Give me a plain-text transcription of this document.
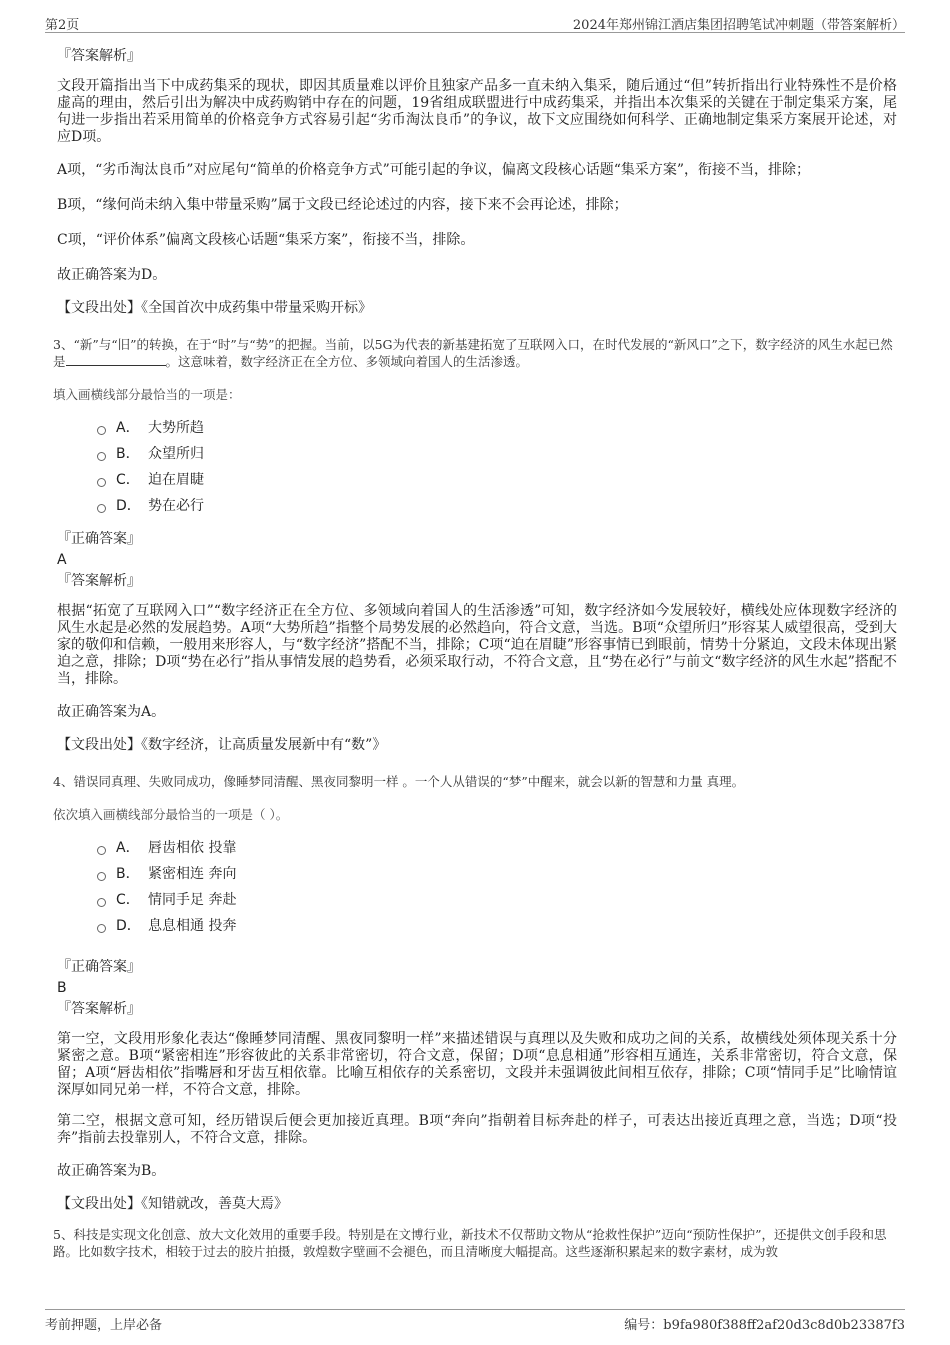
第2页	2024年郑州锦江酒店集团招聘笔试冲刺题（带答案解析）
『答案解析』
文段开篇指出当下中成药集采的现状，即因其质量难以评价且独家产品多一直未纳入集采，随后通过“但”转折指出行业特殊性不是价格虚高的理由，然后引出为解决中成药购销中存在的问题，19省组成联盟进行中成药集采，并指出本次集采的关键在于制定集采方案，尾句进一步指出若采用简单的价格竞争方式容易引起“劣币淘汰良币”的争议，故下文应围绕如何科学、正确地制定集采方案展开论述，对应D项。
A项，“劣币淘汰良币”对应尾句“简单的价格竞争方式”可能引起的争议，偏离文段核心话题“集采方案”，衔接不当，排除；
B项，“缘何尚未纳入集中带量采购”属于文段已经论述过的内容，接下来不会再论述，排除；
C项，“评价体系”偏离文段核心话题“集采方案”，衔接不当，排除。
故正确答案为D。
【文段出处】《全国首次中成药集中带量采购开标》
3、“新”与“旧”的转换，在于“时”与“势”的把握。当前，以5G为代表的新基建拓宽了互联网入口，在时代发展的“新风口”之下，数字经济的风生水起已然是	。这意味着，数字经济正在全方位、多领域向着国人的生活渗透。
填入画横线部分最恰当的一项是：
A． 大势所趋
B． 众望所归
C． 迫在眉睫
D． 势在必行
『正确答案』
A
『答案解析』
根据“拓宽了互联网入口”“数字经济正在全方位、多领域向着国人的生活渗透”可知，数字经济如今发展较好，横线处应体现数字经济的风生水起是必然的发展趋势。A项“大势所趋”指整个局势发展的必然趋向，符合文意，当选。B项“众望所归”形容某人威望很高，受到大家的敬仰和信赖，一般用来形容人，与“数字经济”搭配不当，排除；C项“迫在眉睫”形容事情已到眼前，情势十分紧迫，文段未体现出紧迫之意，排除；D项“势在必行”指从事情发展的趋势看，必须采取行动，不符合文意，且“势在必行”与前文“数字经济的风生水起”搭配不当，排除。
故正确答案为A。
【文段出处】《数字经济，让高质量发展新中有“数”》
4、错误同真理、失败同成功，像睡梦同清醒、黑夜同黎明一样 。一个人从错误的“梦”中醒来，就会以新的智慧和力量 真理。
依次填入画横线部分最恰当的一项是（ ）。
A． 唇齿相依 投靠
B． 紧密相连 奔向
C． 情同手足 奔赴
D． 息息相通 投奔
『正确答案』
B
『答案解析』
第一空，文段用形象化表达“像睡梦同清醒、黑夜同黎明一样”来描述错误与真理以及失败和成功之间的关系，故横线处须体现关系十分紧密之意。B项“紧密相连”形容彼此的关系非常密切，符合文意，保留；D项“息息相通”形容相互通连，关系非常密切，符合文意，保留；A项“唇齿相依”指嘴唇和牙齿互相依靠。比喻互相依存的关系密切，文段并未强调彼此间相互依存，排除；C项“情同手足”比喻情谊深厚如同兄弟一样，不符合文意，排除。
第二空，根据文意可知，经历错误后便会更加接近真理。B项“奔向”指朝着目标奔赴的样子，可表达出接近真理之意，当选；D项“投奔”指前去投靠别人，不符合文意，排除。
故正确答案为B。
【文段出处】《知错就改，善莫大焉》
5、科技是实现文化创意、放大文化效用的重要手段。特别是在文博行业，新技术不仅帮助文物从“抢救性保护”迈向“预防性保护”，还提供文创手段和思路。比如数字技术，相较于过去的胶片拍摄，敦煌数字壁画不会褪色，而且清晰度大幅提高。这些逐渐积累起来的数字素材，成为敦
考前押题，上岸必备	编号：b9fa980f388ff2af20d3c8d0b23387f3
